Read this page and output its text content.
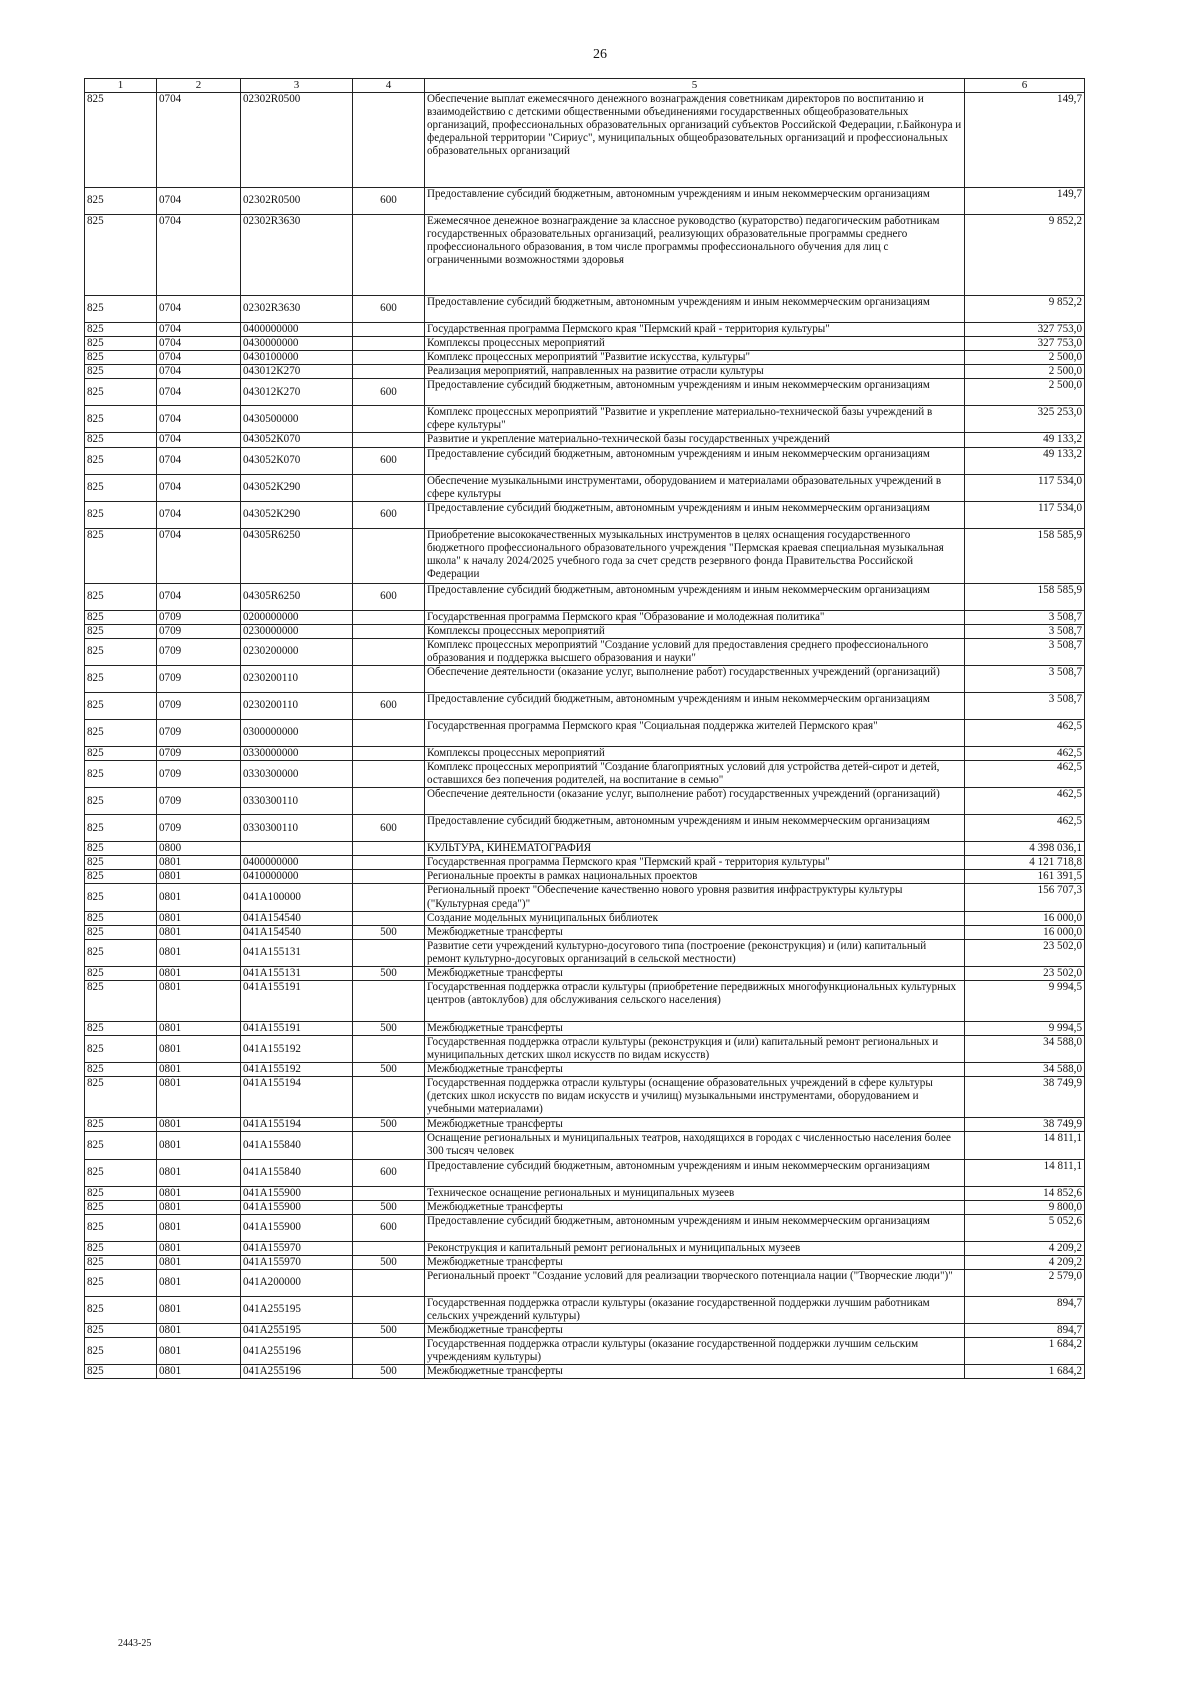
26
1	2	3	4	5	6
825	0704	02302R0500		Обеспечение выплат ежемесячного денежного вознаграждения советникам директоров по воспитанию и взаимодействию с детскими общественными объединениями государственных общеобразовательных организаций, профессиональных образовательных организаций субъектов Российской Федерации, г.Байконура и федеральной территории "Сириус", муниципальных общеобразовательных организаций и профессиональных образовательных организаций	149,7
825	0704	02302R0500	600	Предоставление субсидий бюджетным, автономным учреждениям и иным некоммерческим организациям	149,7
825	0704	02302R3630		Ежемесячное денежное вознаграждение за классное руководство (кураторство) педагогическим работникам государственных образовательных организаций, реализующих образовательные программы среднего профессионального образования, в том числе программы профессионального обучения для лиц с ограниченными возможностями здоровья	9 852,2
825	0704	02302R3630	600	Предоставление субсидий бюджетным, автономным учреждениям и иным некоммерческим организациям	9 852,2
825	0704	0400000000		Государственная программа Пермского края "Пермский край - территория культуры"	327 753,0
825	0704	0430000000		Комплексы процессных мероприятий	327 753,0
825	0704	0430100000		Комплекс процессных мероприятий "Развитие искусства, культуры"	2 500,0
825	0704	043012К270		Реализация мероприятий, направленных на развитие отрасли культуры	2 500,0
825	0704	043012К270	600	Предоставление субсидий бюджетным, автономным учреждениям и иным некоммерческим организациям	2 500,0
825	0704	0430500000		Комплекс процессных мероприятий "Развитие и укрепление материально-технической базы учреждений в сфере культуры"	325 253,0
825	0704	043052К070		Развитие и укрепление материально-технической базы государственных учреждений	49 133,2
825	0704	043052К070	600	Предоставление субсидий бюджетным, автономным учреждениям и иным некоммерческим организациям	49 133,2
825	0704	043052К290		Обеспечение музыкальными инструментами, оборудованием и материалами образовательных учреждений в сфере культуры	117 534,0
825	0704	043052К290	600	Предоставление субсидий бюджетным, автономным учреждениям и иным некоммерческим организациям	117 534,0
825	0704	04305R6250		Приобретение высококачественных музыкальных инструментов в целях оснащения государственного бюджетного профессионального образовательного учреждения "Пермская краевая специальная музыкальная школа" к началу 2024/2025 учебного года за счет средств резервного фонда Правительства Российской Федерации	158 585,9
825	0704	04305R6250	600	Предоставление субсидий бюджетным, автономным учреждениям и иным некоммерческим организациям	158 585,9
825	0709	0200000000		Государственная программа Пермского края "Образование и молодежная политика"	3 508,7
825	0709	0230000000		Комплексы процессных мероприятий	3 508,7
825	0709	0230200000		Комплекс процессных мероприятий "Создание условий для предоставления среднего профессионального образования и поддержка высшего образования и науки"	3 508,7
825	0709	0230200110		Обеспечение деятельности (оказание услуг, выполнение работ) государственных учреждений (организаций)	3 508,7
825	0709	0230200110	600	Предоставление субсидий бюджетным, автономным учреждениям и иным некоммерческим организациям	3 508,7
825	0709	0300000000		Государственная программа Пермского края "Социальная поддержка жителей Пермского края"	462,5
825	0709	0330000000		Комплексы процессных мероприятий	462,5
825	0709	0330300000		Комплекс процессных мероприятий "Создание благоприятных условий для устройства детей-сирот и детей, оставшихся без попечения родителей, на воспитание в семью"	462,5
825	0709	0330300110		Обеспечение деятельности (оказание услуг, выполнение работ) государственных учреждений (организаций)	462,5
825	0709	0330300110	600	Предоставление субсидий бюджетным, автономным учреждениям и иным некоммерческим организациям	462,5
825	0800			КУЛЬТУРА, КИНЕМАТОГРАФИЯ	4 398 036,1
825	0801	0400000000		Государственная программа Пермского края "Пермский край - территория культуры"	4 121 718,8
825	0801	0410000000		Региональные проекты в рамках национальных проектов	161 391,5
825	0801	041А100000		Региональный проект "Обеспечение качественно нового уровня развития инфраструктуры культуры ("Культурная среда")"	156 707,3
825	0801	041А154540		Создание модельных муниципальных библиотек	16 000,0
825	0801	041А154540	500	Межбюджетные трансферты	16 000,0
825	0801	041А155131		Развитие сети учреждений культурно-досугового типа (построение (реконструкция) и (или) капитальный ремонт культурно-досуговых организаций в сельской местности)	23 502,0
825	0801	041А155131	500	Межбюджетные трансферты	23 502,0
825	0801	041А155191		Государственная поддержка отрасли культуры (приобретение передвижных многофункциональных культурных центров (автоклубов) для обслуживания сельского населения)	9 994,5
825	0801	041А155191	500	Межбюджетные трансферты	9 994,5
825	0801	041А155192		Государственная поддержка отрасли культуры (реконструкция и (или) капитальный ремонт региональных и муниципальных детских школ искусств по видам искусств)	34 588,0
825	0801	041А155192	500	Межбюджетные трансферты	34 588,0
825	0801	041А155194		Государственная поддержка отрасли культуры (оснащение образовательных учреждений в сфере культуры (детских школ искусств по видам искусств и училищ) музыкальными инструментами, оборудованием и учебными материалами)	38 749,9
825	0801	041А155194	500	Межбюджетные трансферты	38 749,9
825	0801	041А155840		Оснащение региональных и муниципальных театров, находящихся в городах с численностью населения более 300 тысяч человек	14 811,1
825	0801	041А155840	600	Предоставление субсидий бюджетным, автономным учреждениям и иным некоммерческим организациям	14 811,1
825	0801	041А155900		Техническое оснащение региональных и муниципальных музеев	14 852,6
825	0801	041А155900	500	Межбюджетные трансферты	9 800,0
825	0801	041А155900	600	Предоставление субсидий бюджетным, автономным учреждениям и иным некоммерческим организациям	5 052,6
825	0801	041А155970		Реконструкция и капитальный ремонт региональных и муниципальных музеев	4 209,2
825	0801	041А155970	500	Межбюджетные трансферты	4 209,2
825	0801	041А200000		Региональный проект "Создание условий для реализации творческого потенциала нации ("Творческие люди")"	2 579,0
825	0801	041А255195		Государственная поддержка отрасли культуры (оказание государственной поддержки лучшим работникам сельских учреждений культуры)	894,7
825	0801	041А255195	500	Межбюджетные трансферты	894,7
825	0801	041А255196		Государственная поддержка отрасли культуры (оказание государственной поддержки лучшим сельским учреждениям культуры)	1 684,2
825	0801	041А255196	500	Межбюджетные трансферты	1 684,2
2443-25
